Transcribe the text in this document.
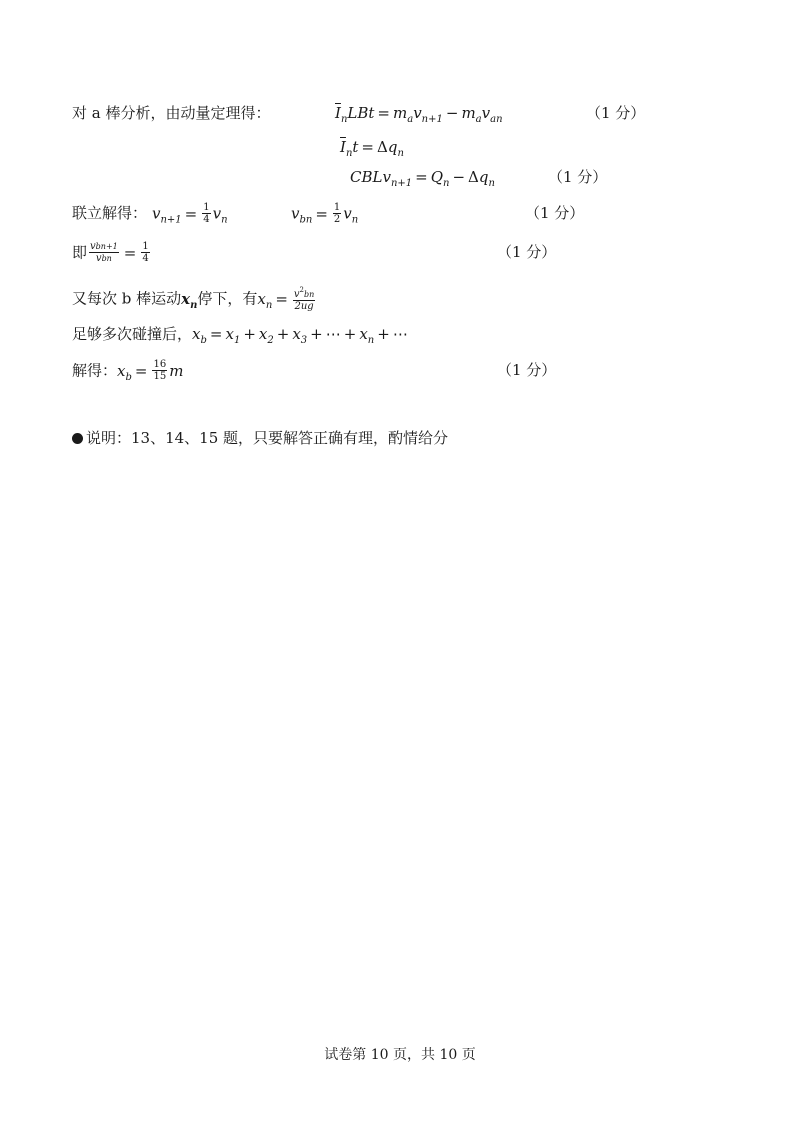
对 a 棒分析，由动量定理得：	$\overline{I}_nLBt = m_av_{n+1} - m_av_{an}$	（1 分）
$\overline{I}_nt = \Delta q_n$
CBLv$_{n+1}$ = $Q_n - \Delta q_n$	（1 分）
联立解得： $v_{n+1} = \frac{1}{4} v_n$	$v_{bn} = \frac{1}{2} v_n$	（1 分）
即 $\frac{\text{vbn+1}}{\text{vbn}} = \frac{1}{4}$	（1 分）
又每次 b 棒运动$x_n$停下，有$x_n = \frac{v^2bn}{2ug}$
足够多次碰撞后，$x_b = x_1 + x_2 + x_3$ + ⋯ + $x_n$ + ⋯
解得：$x_b = \frac{16}{15}$ m	（1 分）
说明：13、14、15 题，只要解答正确有理，酌情给分
试卷第 10 页，共 10 页
